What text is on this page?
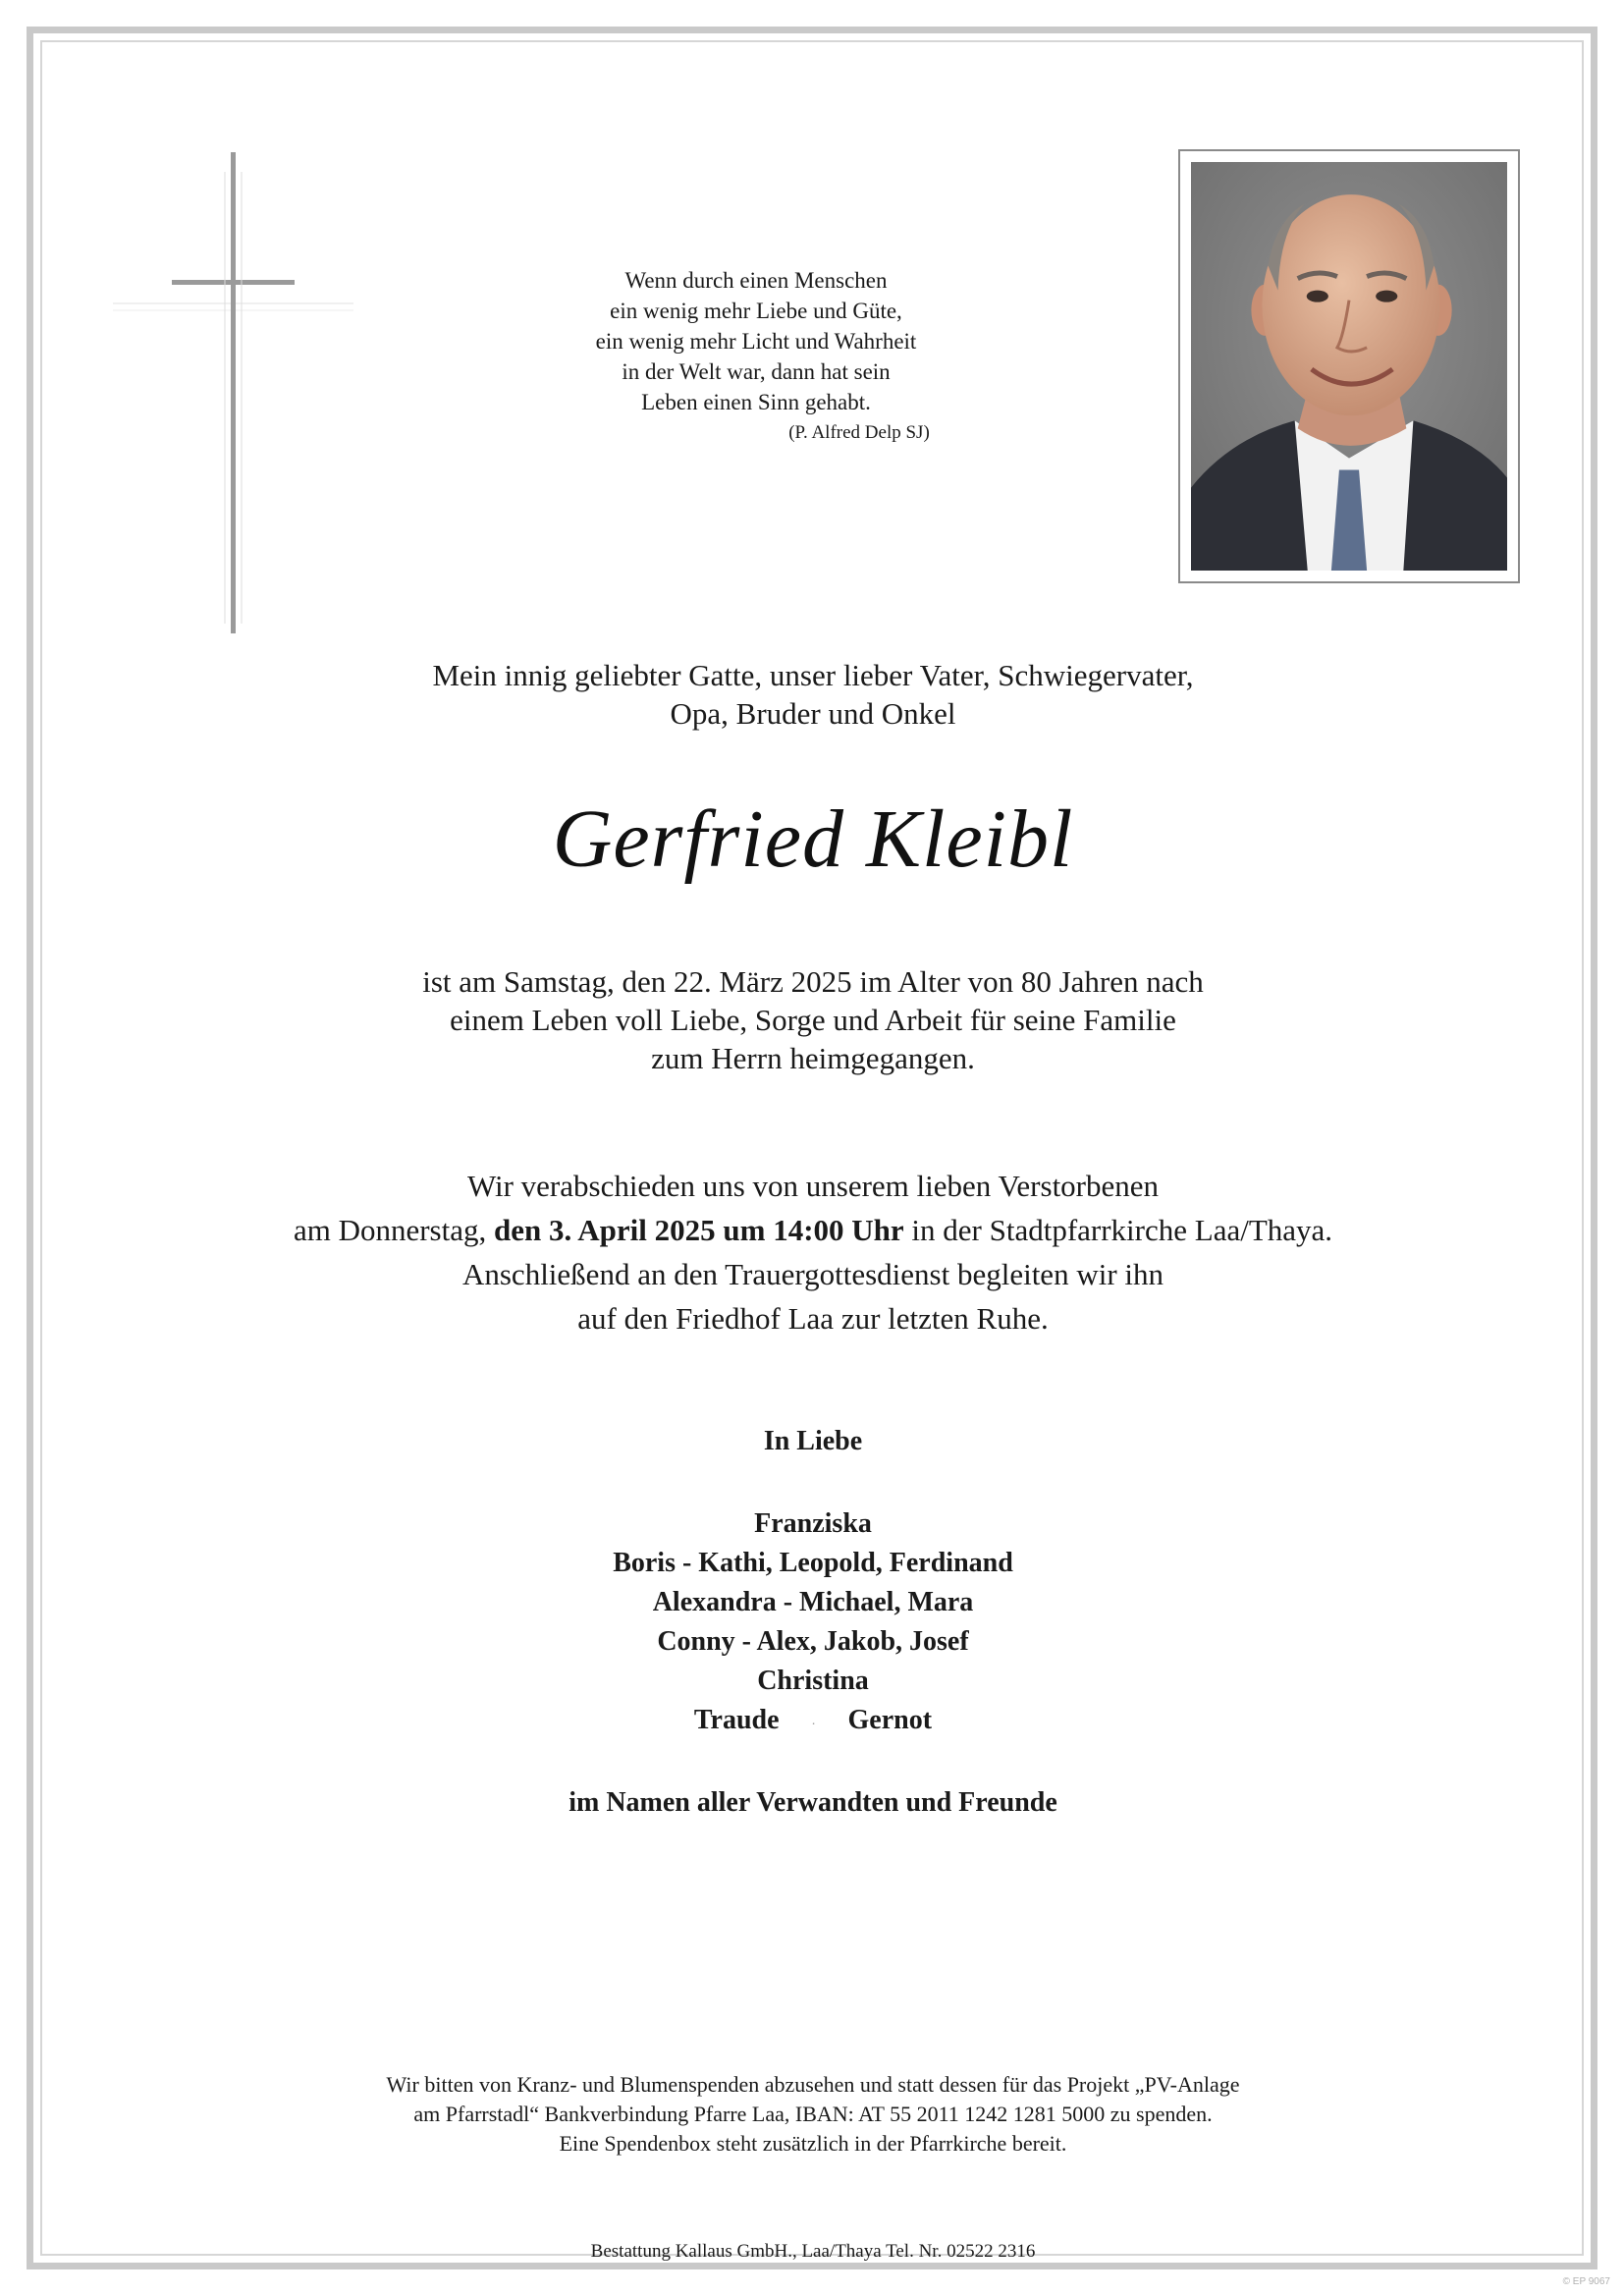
Wenn durch einen Menschen
ein wenig mehr Liebe und Güte,
ein wenig mehr Licht und Wahrheit
in der Welt war, dann hat sein
Leben einen Sinn gehabt.
(P. Alfred Delp SJ)
Mein innig geliebter Gatte, unser lieber Vater, Schwiegervater,
Opa, Bruder und Onkel
Gerfried Kleibl
ist am Samstag, den 22. März 2025 im Alter von 80 Jahren nach
einem Leben voll Liebe, Sorge und Arbeit für seine Familie
zum Herrn heimgegangen.
Wir verabschieden uns von unserem lieben Verstorbenen
am Donnerstag, den 3. April 2025 um 14:00 Uhr in der Stadtpfarrkirche Laa/Thaya.
Anschließend an den Trauergottesdienst begleiten wir ihn
auf den Friedhof Laa zur letzten Ruhe.
In Liebe
Franziska
Boris - Kathi, Leopold, Ferdinand
Alexandra - Michael, Mara
Conny - Alex, Jakob, Josef
Christina
Traude · Gernot
im Namen aller Verwandten und Freunde
Wir bitten von Kranz- und Blumenspenden abzusehen und statt dessen für das Projekt „PV-Anlage
am Pfarrstadl“ Bankverbindung Pfarre Laa, IBAN: AT 55 2011 1242 1281 5000 zu spenden.
Eine Spendenbox steht zusätzlich in der Pfarrkirche bereit.
Bestattung Kallaus GmbH., Laa/Thaya Tel. Nr. 02522 2316
© EP 9067
